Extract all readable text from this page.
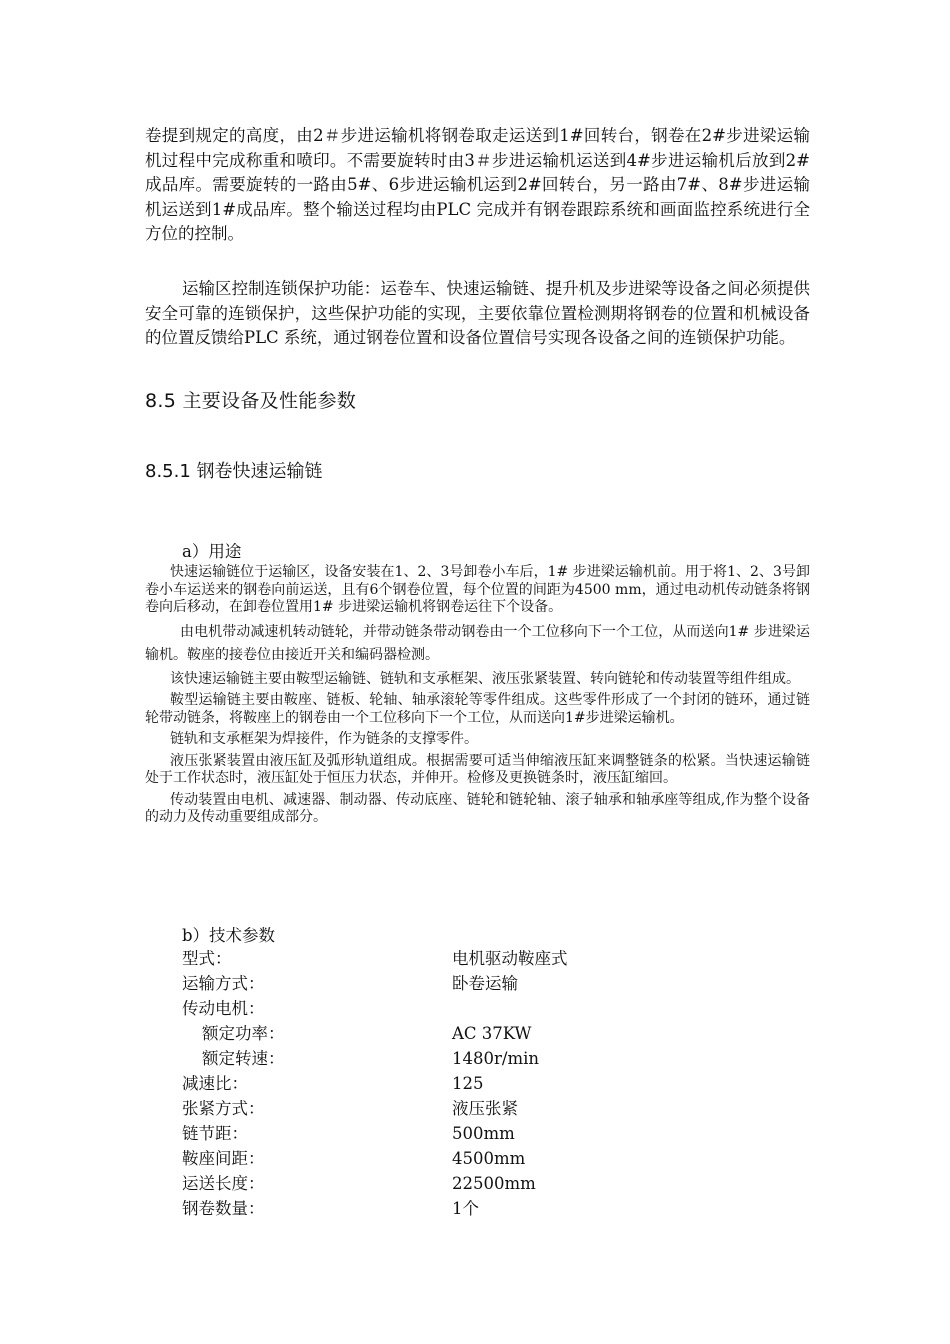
卷提到规定的高度，由2＃步进运输机将钢卷取走运送到1#回转台，钢卷在2#步进梁运输机过程中完成称重和喷印。不需要旋转时由3＃步进运输机运送到4#步进运输机后放到2#成品库。需要旋转的一路由5#、6步进运输机运到2#回转台，另一路由7#、8#步进运输机运送到1#成品库。整个输送过程均由PLC 完成并有钢卷跟踪系统和画面监控系统进行全方位的控制。

运输区控制连锁保护功能：运卷车、快速运输链、提升机及步进梁等设备之间必须提供安全可靠的连锁保护，这些保护功能的实现，主要依靠位置检测期将钢卷的位置和机械设备的位置反馈给PLC 系统，通过钢卷位置和设备位置信号实现各设备之间的连锁保护功能。

8.5 主要设备及性能参数
8.5.1 钢卷快速运输链
a）用途

快速运输链位于运输区，设备安装在1、2、3号卸卷小车后，1# 步进梁运输机前。用于将1、2、3号卸卷小车运送来的钢卷向前运送，且有6个钢卷位置，每个位置的间距为4500 mm，通过电动机传动链条将钢卷向后移动，在卸卷位置用1# 步进梁运输机将钢卷运往下个设备。

由电机带动减速机转动链轮，并带动链条带动钢卷由一个工位移向下一个工位，从而送向1# 步进梁运输机。鞍座的接卷位由接近开关和编码器检测。

该快速运输链主要由鞍型运输链、链轨和支承框架、液压张紧装置、转向链轮和传动装置等组件组成。

鞍型运输链主要由鞍座、链板、轮轴、轴承滚轮等零件组成。这些零件形成了一个封闭的链环，通过链轮带动链条，将鞍座上的钢卷由一个工位移向下一个工位，从而送向1#步进梁运输机。

链轨和支承框架为焊接件，作为链条的支撑零件。

液压张紧装置由液压缸及弧形轨道组成。根据需要可适当伸缩液压缸来调整链条的松紧。当快速运输链处于工作状态时，液压缸处于恒压力状态，并伸开。检修及更换链条时，液压缸缩回。

传动装置由电机、减速器、制动器、传动底座、链轮和链轮轴、滚子轴承和轴承座等组成,作为整个设备的动力及传动重要组成部分。

b）技术参数
型式：	电机驱动鞍座式
运输方式：	卧卷运输
传动电机：
额定功率：	AC 37KW
额定转速：	1480r/min
减速比：	125
张紧方式：	液压张紧
链节距：	500mm
鞍座间距：	4500mm
运送长度：	22500mm
钢卷数量：	1个
